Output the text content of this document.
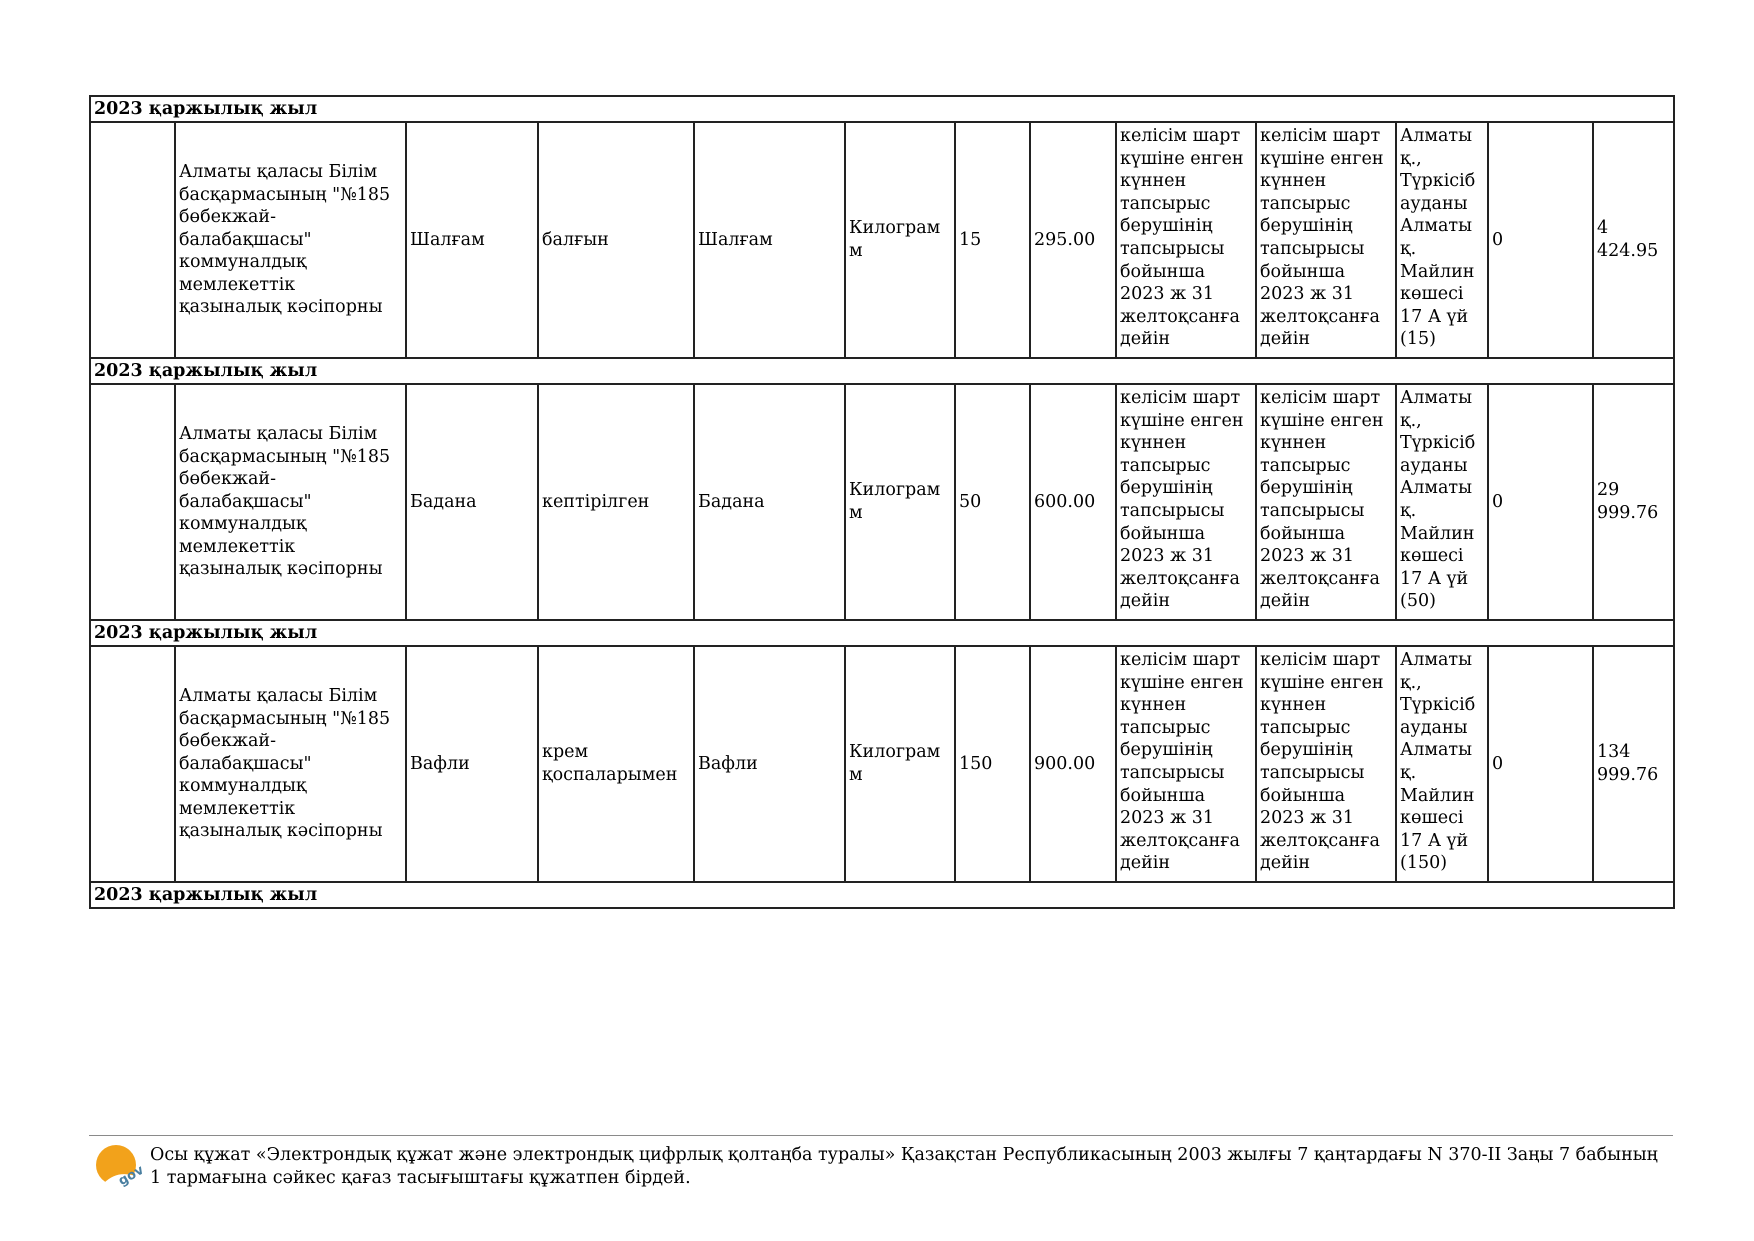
2023 қаржылық жыл												
	Алматы қаласы Білім басқармасының "№185 бөбекжай-балабақшасы" коммуналдық мемлекеттік қазыналық кәсіпорны	Шалғам	балғын	Шалғам	Килограмм	15	295.00	келісім шарт күшіне енген күннен тапсырыс берушінің тапсырысы бойынша 2023 ж 31 желтоқсанға дейін	келісім шарт күшіне енген күннен тапсырыс берушінің тапсырысы бойынша 2023 ж 31 желтоқсанға дейін	Алматы қ., Түркісіб ауданы Алматы қ. Майлин көшесі 17 А үй (15)	0	4 424.95
2023 қаржылық жыл												
	Алматы қаласы Білім басқармасының "№185 бөбекжай-балабақшасы" коммуналдық мемлекеттік қазыналық кәсіпорны	Бадана	кептірілген	Бадана	Килограмм	50	600.00	келісім шарт күшіне енген күннен тапсырыс берушінің тапсырысы бойынша 2023 ж 31 желтоқсанға дейін	келісім шарт күшіне енген күннен тапсырыс берушінің тапсырысы бойынша 2023 ж 31 желтоқсанға дейін	Алматы қ., Түркісіб ауданы Алматы қ. Майлин көшесі 17 А үй (50)	0	29 999.76
2023 қаржылық жыл												
	Алматы қаласы Білім басқармасының "№185 бөбекжай-балабақшасы" коммуналдық мемлекеттік қазыналық кәсіпорны	Вафли	крем қоспаларымен	Вафли	Килограмм	150	900.00	келісім шарт күшіне енген күннен тапсырыс берушінің тапсырысы бойынша 2023 ж 31 желтоқсанға дейін	келісім шарт күшіне енген күннен тапсырыс берушінің тапсырысы бойынша 2023 ж 31 желтоқсанға дейін	Алматы қ., Түркісіб ауданы Алматы қ. Майлин көшесі 17 А үй (150)	0	134 999.76
2023 қаржылық жыл												
gov
Осы құжат «Электрондық құжат және электрондық цифрлық қолтаңба туралы» Қазақстан Республикасының 2003 жылғы 7 қаңтардағы N 370-II Заңы 7 бабының 1 тармағына сәйкес қағаз тасығыштағы құжатпен бірдей.
